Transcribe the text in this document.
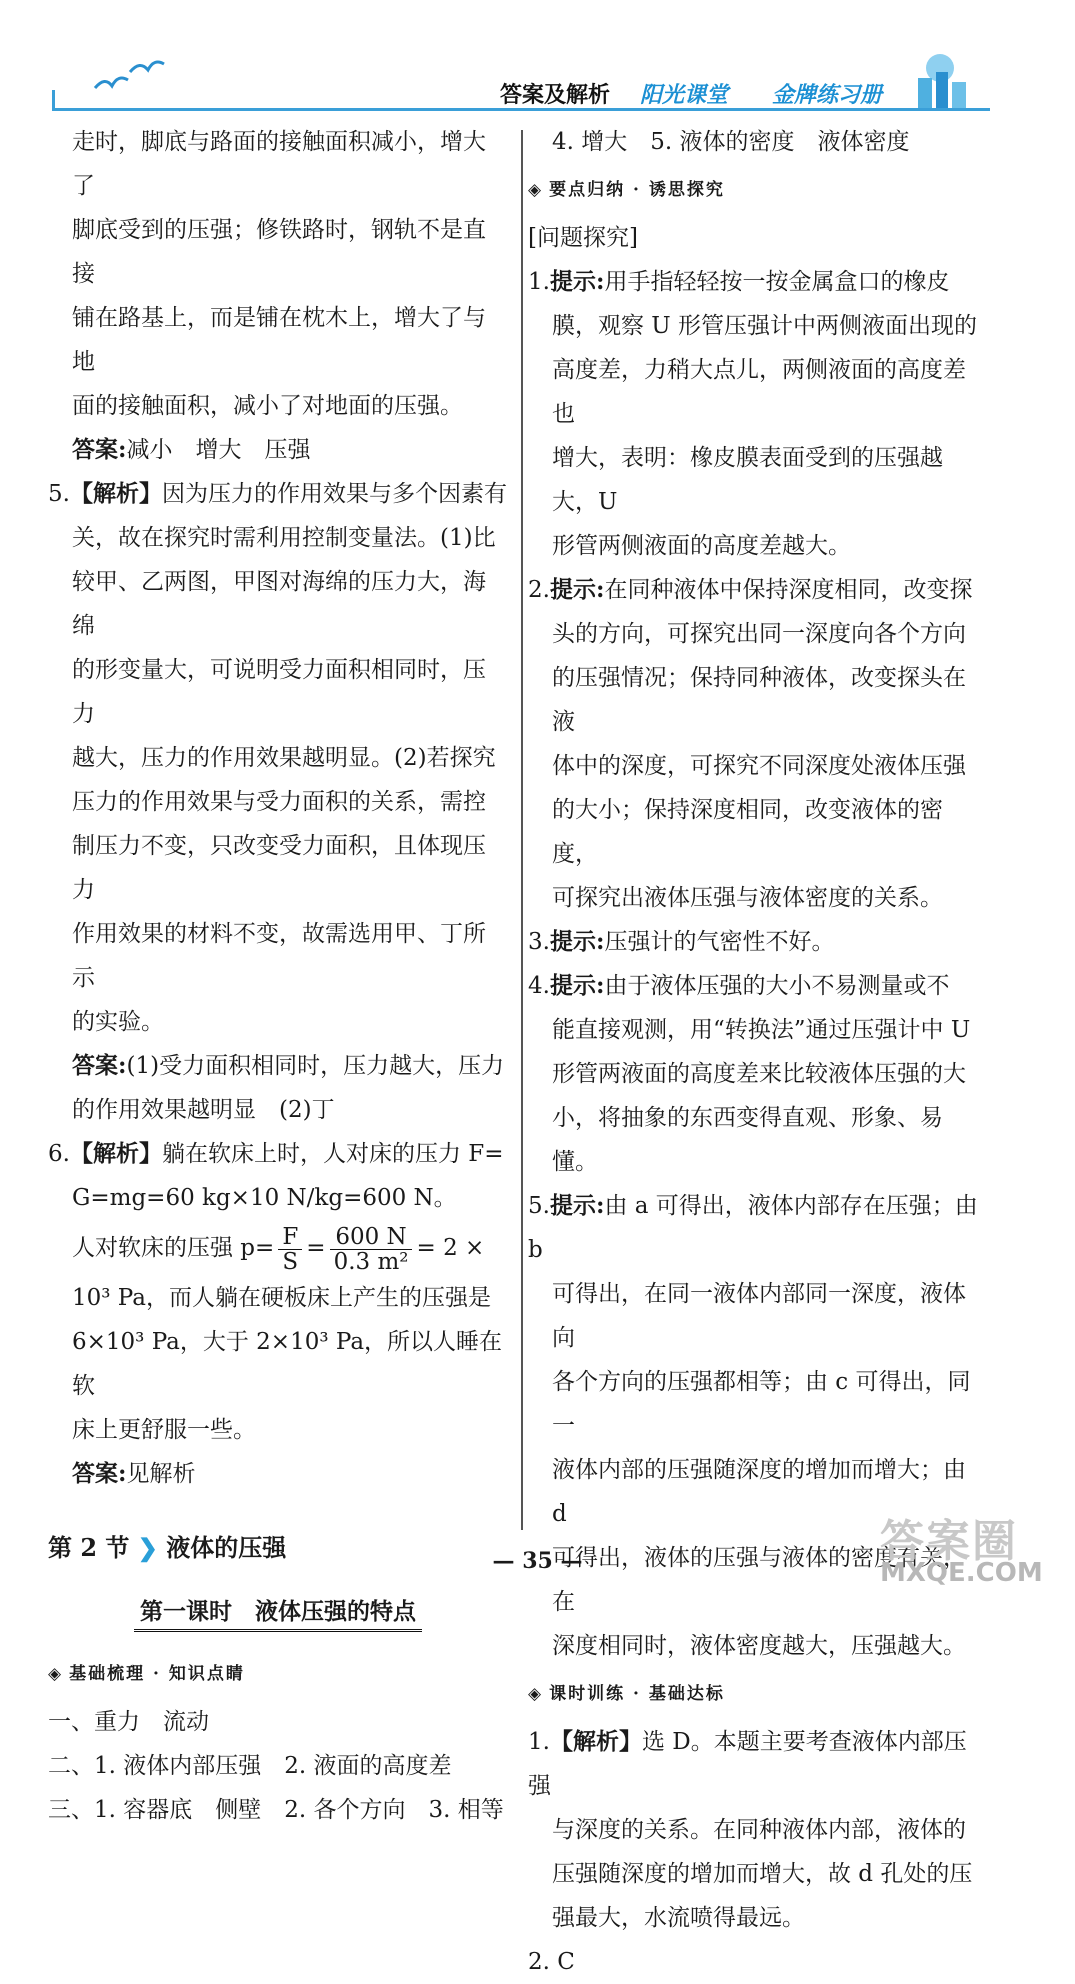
答案及解析 阳光课堂 金牌练习册

走时，脚底与路面的接触面积减小，增大了

脚底受到的压强；修铁路时，钢轨不是直接

铺在路基上，而是铺在枕木上，增大了与地

面的接触面积，减小了对地面的压强。

答案:减小　增大　压强

5.【解析】因为压力的作用效果与多个因素有

关，故在探究时需利用控制变量法。(1)比

较甲、乙两图，甲图对海绵的压力大，海绵

的形变量大，可说明受力面积相同时，压力

越大，压力的作用效果越明显。(2)若探究

压力的作用效果与受力面积的关系，需控

制压力不变，只改变受力面积，且体现压力

作用效果的材料不变，故需选用甲、丁所示

的实验。

答案:(1)受力面积相同时，压力越大，压力

的作用效果越明显　(2)丁

6.【解析】躺在软床上时，人对床的压力 F=

G=mg=60 kg×10 N/kg=600 N。

人对软床的压强 $p= \frac{F}{S} = \frac{600 N}{\text{0.3 m²}} = 2$ ×

10³ Pa，而人躺在硬板床上产生的压强是

6×10³ Pa，大于 2×10³ Pa，所以人睡在软

床上更舒服一些。

答案:见解析

第 2 节 ❯ 液体的压强
第一课时　液体压强的特点
◈ 基础梳理 · 知识点睛

一、重力　流动

二、1. 液体内部压强　2. 液面的高度差

三、1. 容器底　侧壁　2. 各个方向　3. 相等

4. 增大　5. 液体的密度　液体密度

◈ 要点归纳 · 诱思探究

[问题探究]

1.提示:用手指轻轻按一按金属盒口的橡皮

膜，观察 U 形管压强计中两侧液面出现的

高度差，力稍大点儿，两侧液面的高度差也

增大，表明：橡皮膜表面受到的压强越大，U

形管两侧液面的高度差越大。

2.提示:在同种液体中保持深度相同，改变探

头的方向，可探究出同一深度向各个方向

的压强情况；保持同种液体，改变探头在液

体中的深度，可探究不同深度处液体压强

的大小；保持深度相同，改变液体的密度，

可探究出液体压强与液体密度的关系。

3.提示:压强计的气密性不好。

4.提示:由于液体压强的大小不易测量或不

能直接观测，用“转换法”通过压强计中 U

形管两液面的高度差来比较液体压强的大

小，将抽象的东西变得直观、形象、易懂。

5.提示:由 a 可得出，液体内部存在压强；由 b

可得出，在同一液体内部同一深度，液体向

各个方向的压强都相等；由 c 可得出，同一

液体内部的压强随深度的增加而增大；由 d

可得出，液体的压强与液体的密度有关，在

深度相同时，液体密度越大，压强越大。

◈ 课时训练 · 基础达标

1.【解析】选 D。本题主要考查液体内部压强

与深度的关系。在同种液体内部，液体的

压强随深度的增加而增大，故 d 孔处的压

强最大，水流喷得最远。

2. C

— 35 —	答案圈
MXQE.COM
